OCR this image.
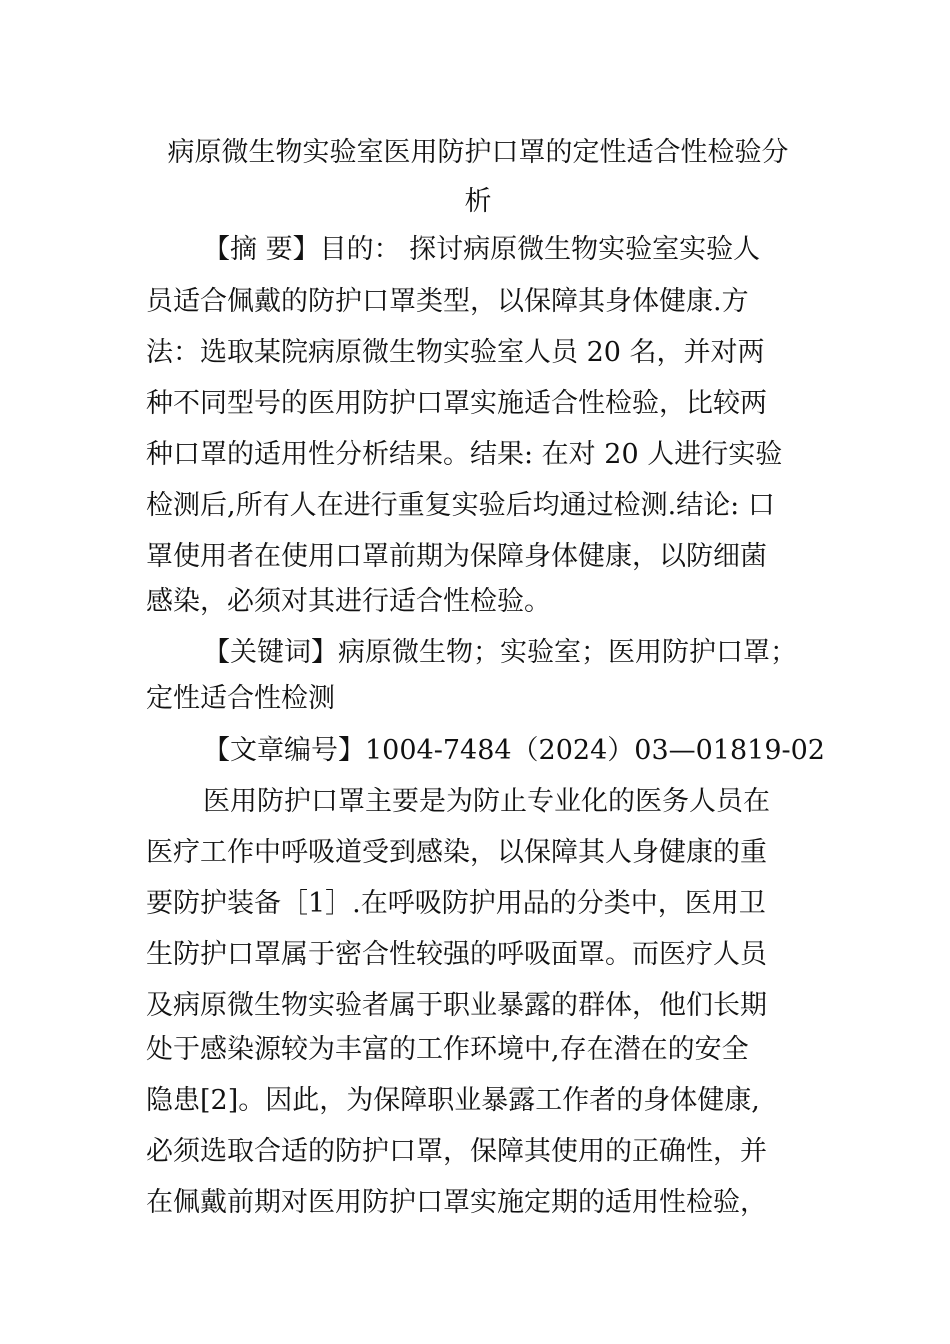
病原微生物实验室医用防护口罩的定性适合性检验分
析
【摘 要】目的： 探讨病原微生物实验室实验人
员适合佩戴的防护口罩类型，以保障其身体健康.方
法：选取某院病原微生物实验室人员 20 名，并对两
种不同型号的医用防护口罩实施适合性检验，比较两
种口罩的适用性分析结果。结果: 在对 20 人进行实验
检测后,所有人在进行重复实验后均通过检测.结论: 口
罩使用者在使用口罩前期为保障身体健康，以防细菌
感染，必须对其进行适合性检验。
【关键词】病原微生物；实验室；医用防护口罩；
定性适合性检测
【文章编号】1004-7484（2024）03—01819-02
医用防护口罩主要是为防止专业化的医务人员在
医疗工作中呼吸道受到感染，以保障其人身健康的重
要防护装备［1］.在呼吸防护用品的分类中，医用卫
生防护口罩属于密合性较强的呼吸面罩。而医疗人员
及病原微生物实验者属于职业暴露的群体，他们长期
处于感染源较为丰富的工作环境中,存在潜在的安全
隐患[2]。因此，为保障职业暴露工作者的身体健康,
必须选取合适的防护口罩，保障其使用的正确性，并
在佩戴前期对医用防护口罩实施定期的适用性检验，
